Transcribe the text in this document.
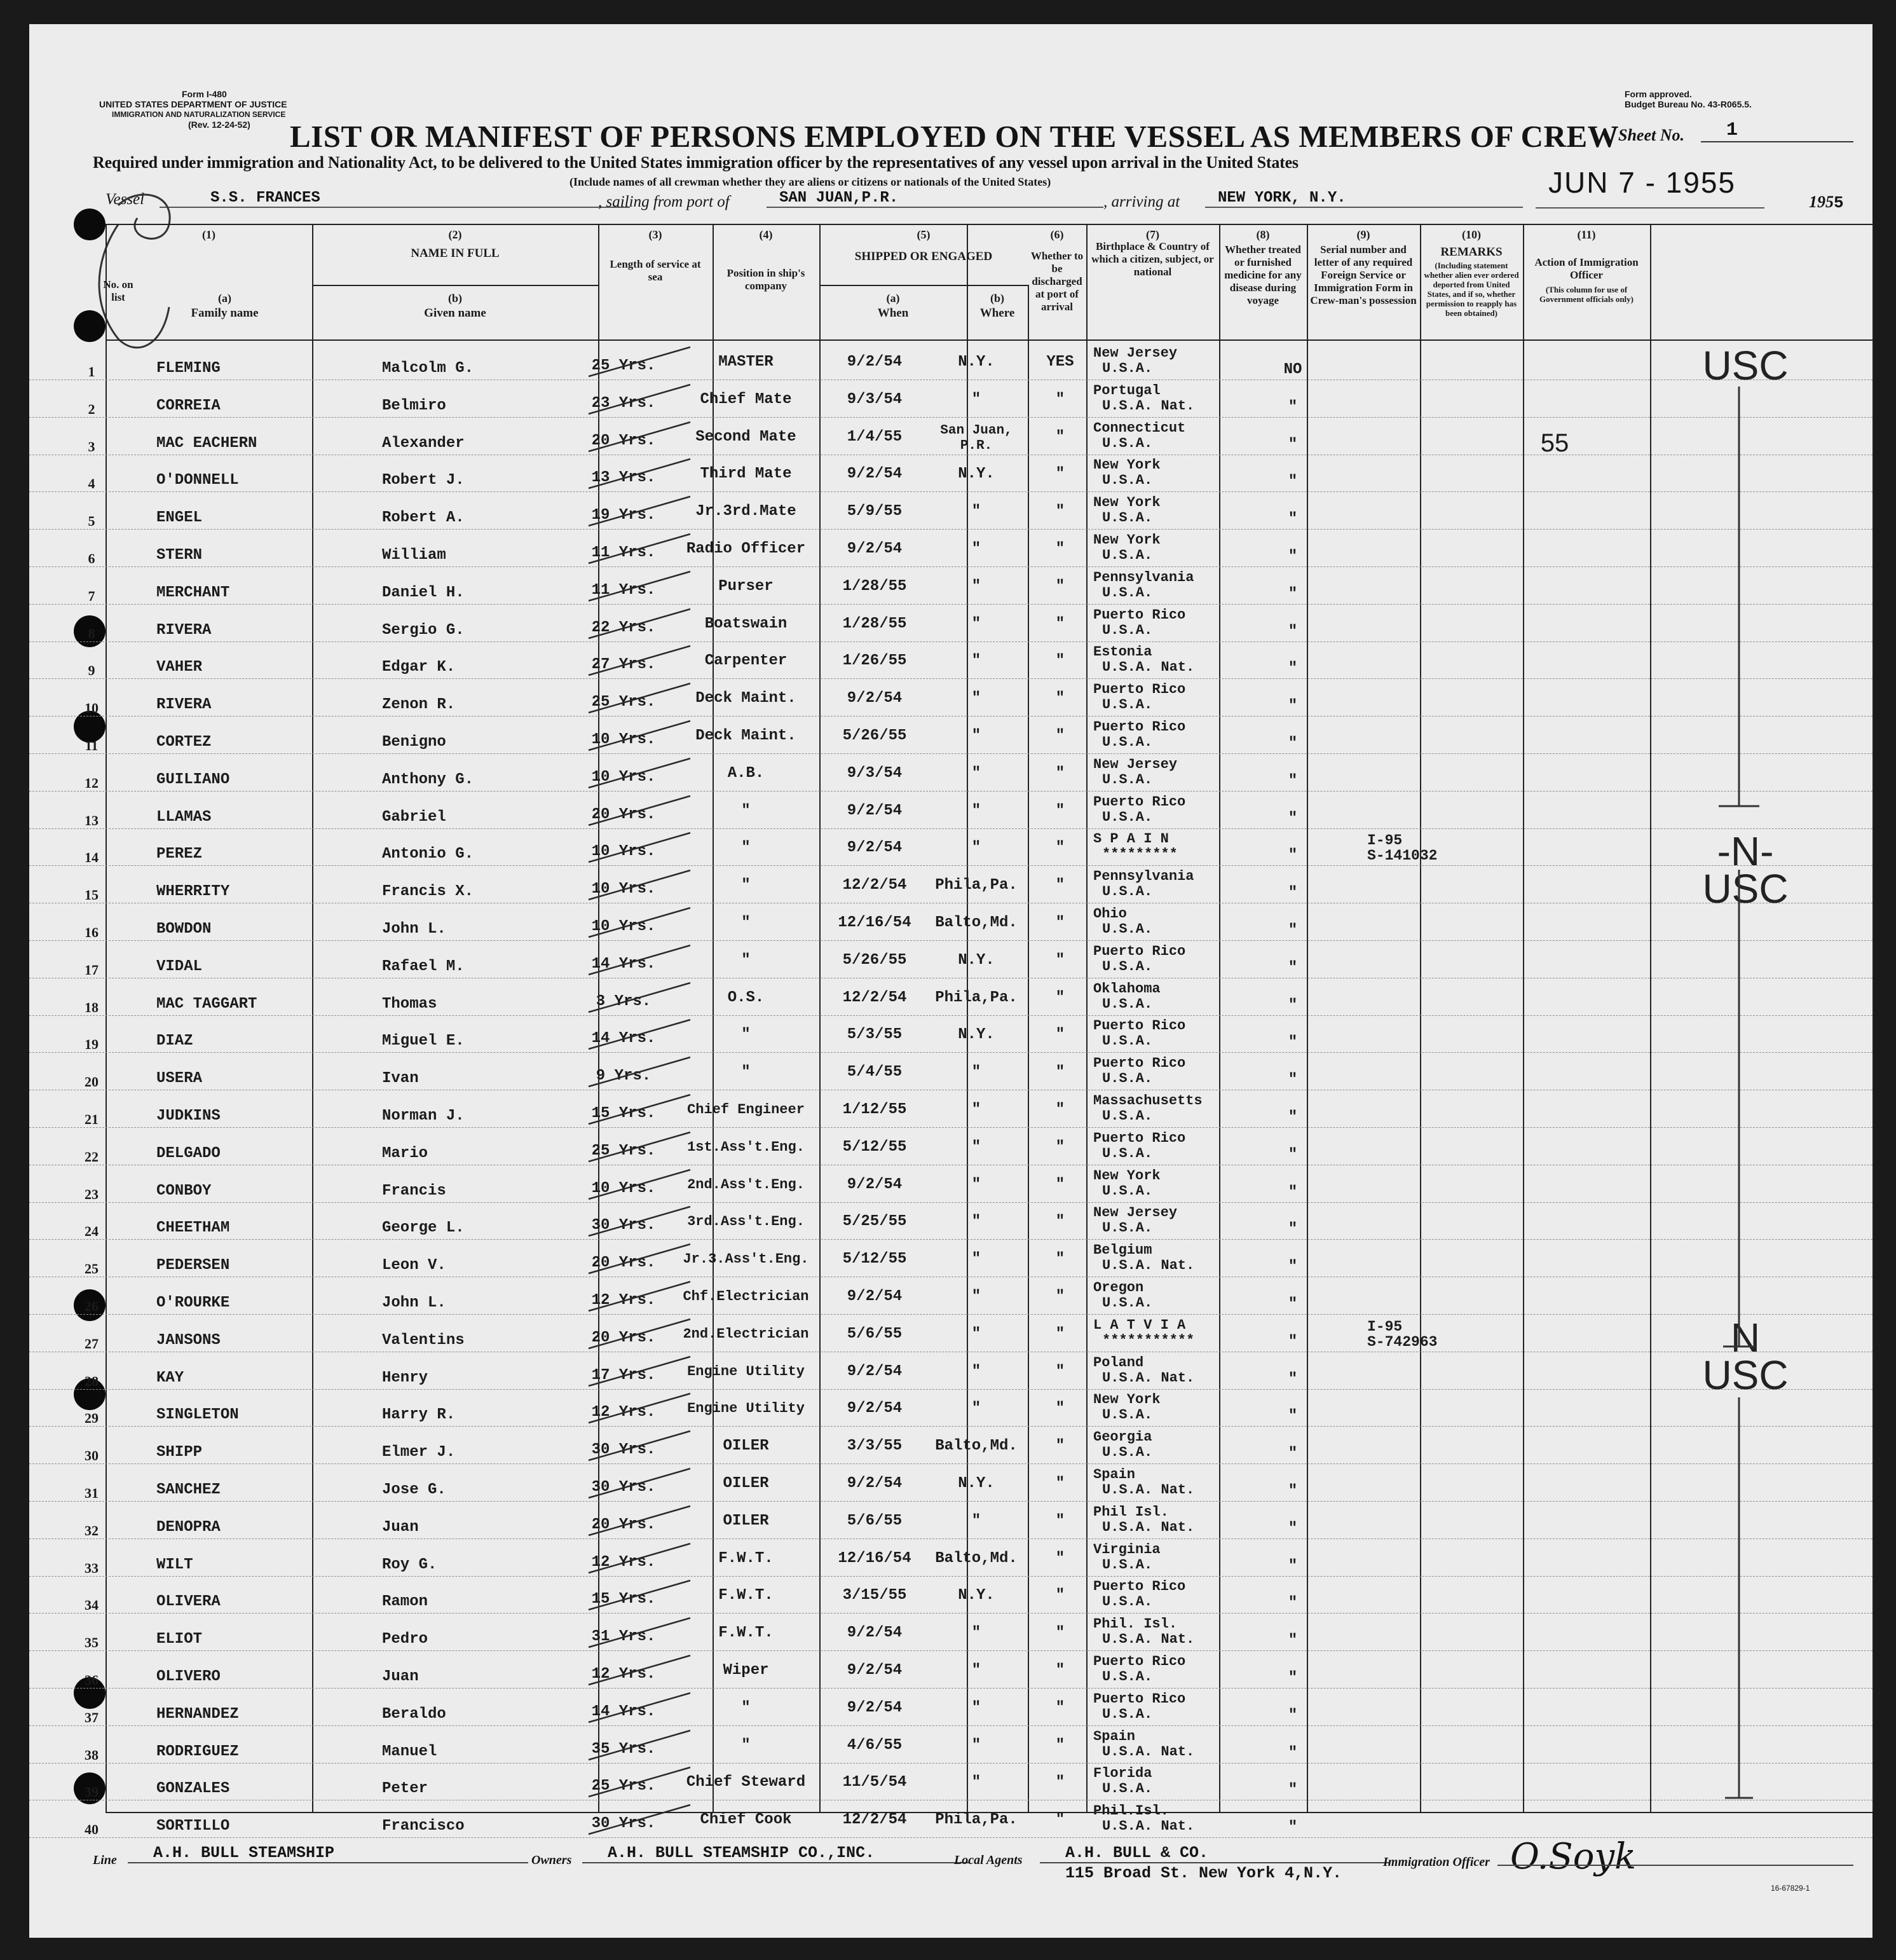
Form I-480
UNITED STATES DEPARTMENT OF JUSTICE
IMMIGRATION AND NATURALIZATION SERVICE
(Rev. 12-24-52)
Form approved.
Budget Bureau No. 43-R065.5.
LIST OR MANIFEST OF PERSONS EMPLOYED ON THE VESSEL AS MEMBERS OF CREW
Sheet No.	1
Required under immigration and Nationality Act, to be delivered to the United States immigration officer by the representatives of any vessel upon arrival in the United States
(Include names of all crewman whether they are aliens or citizens or nationals of the United States)
Vessel	S.S. FRANCES	, sailing from port of	SAN JUAN,P.R.	, arriving at	NEW YORK, N.Y.	JUN 7 - 1955
1955
(1)
No. on list
(2)
NAME IN FULL
(a)
Family name
(b)
Given name
(3)
Length of service at sea
(4)
Position in ship's company
(5)
SHIPPED OR ENGAGED
(a)
When
(b)
Where
(6)
Whether to be discharged at port of arrival
(7)
Birthplace & Country of which a citizen, subject, or national
(8)
Whether treated or furnished medicine for any disease during voyage
(9)
Serial number and letter of any required Foreign Service or Immigration Form in Crew-man's possession
(10)
REMARKS
(Including statement whether alien ever ordered deported from United States, and if so, whether permission to reapply has been obtained)
(11)
Action of Immigration Officer
(This column for use of Government officials only)
1	FLEMING	Malcolm G.	25 Yrs.	MASTER	9/2/54	N.Y.	YES	NO	USC
New Jersey
U.S.A.
2	CORREIA	Belmiro	23 Yrs.	Chief Mate	9/3/54	"	"	"
Portugal
U.S.A. Nat.
3	MAC EACHERN	Alexander	20 Yrs.	Second Mate	1/4/55	San Juan, P.R.
"	"	55
Connecticut
U.S.A.
4	O'DONNELL	Robert J.	13 Yrs.	Third Mate	9/2/54	N.Y.	"	"
New York
U.S.A.
5	ENGEL	Robert A.	19 Yrs.	Jr.3rd.Mate	5/9/55	"	"	"
New York
U.S.A.
6	STERN	William	11 Yrs.	Radio Officer	9/2/54	"	"	"
New York
U.S.A.
7	MERCHANT	Daniel H.	11 Yrs.	Purser	1/28/55	"	"	"
Pennsylvania
U.S.A.
8	RIVERA	Sergio G.	22 Yrs.	Boatswain	1/28/55	"	"	"
Puerto Rico
U.S.A.
9	VAHER	Edgar K.	27 Yrs.	Carpenter	1/26/55	"	"	"
Estonia
U.S.A. Nat.
10	RIVERA	Zenon R.	25 Yrs.	Deck Maint.	9/2/54	"	"	"
Puerto Rico
U.S.A.
11	CORTEZ	Benigno	10 Yrs.	Deck Maint.	5/26/55	"	"	"
Puerto Rico
U.S.A.
12	GUILIANO	Anthony G.	10 Yrs.	A.B.	9/3/54	"	"	"
New Jersey
U.S.A.
13	LLAMAS	Gabriel	20 Yrs.	"	9/2/54	"	"	"
Puerto Rico
U.S.A.
14	PEREZ	Antonio G.	10 Yrs.	"	9/2/54	"	"	"	-N-
S P A I N
*********
I-95
S-141032
15	WHERRITY	Francis X.	10 Yrs.	"	12/2/54	Phila,Pa.	"	"	USC
Pennsylvania
U.S.A.
16	BOWDON	John L.	10 Yrs.	"	12/16/54	Balto,Md.	"	"
Ohio
U.S.A.
17	VIDAL	Rafael M.	14 Yrs.	"	5/26/55	N.Y.	"	"
Puerto Rico
U.S.A.
18	MAC TAGGART	Thomas	3 Yrs.	O.S.	12/2/54	Phila,Pa.	"	"
Oklahoma
U.S.A.
19	DIAZ	Miguel E.	14 Yrs.	"	5/3/55	N.Y.	"	"
Puerto Rico
U.S.A.
20	USERA	Ivan	9 Yrs.	"	5/4/55	"	"	"
Puerto Rico
U.S.A.
21	JUDKINS	Norman J.	15 Yrs.	Chief Engineer	1/12/55	"	"	"
Massachusetts
U.S.A.
22	DELGADO	Mario	25 Yrs.	1st.Ass't.Eng.	5/12/55	"	"	"
Puerto Rico
U.S.A.
23	CONBOY	Francis	10 Yrs.	2nd.Ass't.Eng.	9/2/54	"	"	"
New York
U.S.A.
24	CHEETHAM	George L.	30 Yrs.	3rd.Ass't.Eng.	5/25/55	"	"	"
New Jersey
U.S.A.
25	PEDERSEN	Leon V.	20 Yrs.	Jr.3.Ass't.Eng.	5/12/55	"	"	"
Belgium
U.S.A. Nat.
26	O'ROURKE	John L.	12 Yrs.	Chf.Electrician	9/2/54	"	"	"
Oregon
U.S.A.
27	JANSONS	Valentins	20 Yrs.	2nd.Electrician	5/6/55	"	"	"	N
L A T V I A
***********
I-95
S-742963
28	KAY	Henry	17 Yrs.	Engine Utility	9/2/54	"	"	"	USC
Poland
U.S.A. Nat.
29	SINGLETON	Harry R.	12 Yrs.	Engine Utility	9/2/54	"	"	"
New York
U.S.A.
30	SHIPP	Elmer J.	30 Yrs.	OILER	3/3/55	Balto,Md.	"	"
Georgia
U.S.A.
31	SANCHEZ	Jose G.	30 Yrs.	OILER	9/2/54	N.Y.	"	"
Spain
U.S.A. Nat.
32	DENOPRA	Juan	20 Yrs.	OILER	5/6/55	"	"	"
Phil Isl.
U.S.A. Nat.
33	WILT	Roy G.	12 Yrs.	F.W.T.	12/16/54	Balto,Md.	"	"
Virginia
U.S.A.
34	OLIVERA	Ramon	15 Yrs.	F.W.T.	3/15/55	N.Y.	"	"
Puerto Rico
U.S.A.
35	ELIOT	Pedro	31 Yrs.	F.W.T.	9/2/54	"	"	"
Phil. Isl.
U.S.A. Nat.
36	OLIVERO	Juan	12 Yrs.	Wiper	9/2/54	"	"	"
Puerto Rico
U.S.A.
37	HERNANDEZ	Beraldo	14 Yrs.	"	9/2/54	"	"	"
Puerto Rico
U.S.A.
38	RODRIGUEZ	Manuel	35 Yrs.	"	4/6/55	"	"	"
Spain
U.S.A. Nat.
39	GONZALES	Peter	25 Yrs.	Chief Steward	11/5/54	"	"	"
Florida
U.S.A.
40	SORTILLO	Francisco	30 Yrs.	Chief Cook	12/2/54	Phila,Pa.	"	"
Phil.Isl.
U.S.A. Nat.
Line	A.H. BULL STEAMSHIP	Owners	A.H. BULL STEAMSHIP CO.,INC.	Local Agents	A.H. BULL & CO.
115 Broad St. New York 4,N.Y.
Immigration Officer O.Soyk
16-67829-1
